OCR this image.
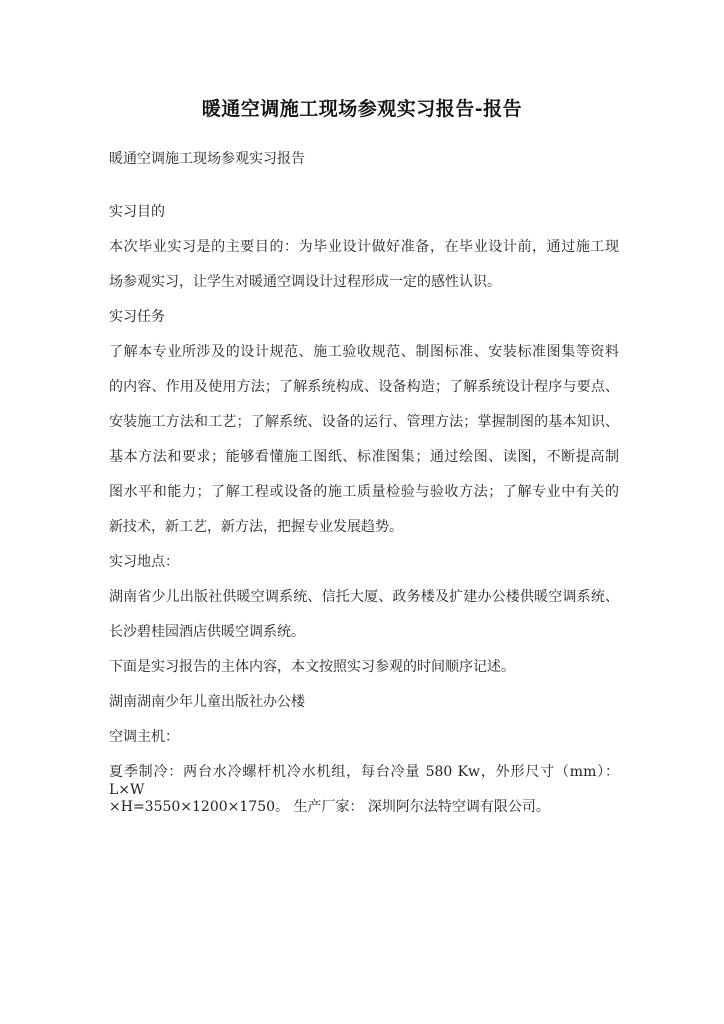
暖通空调施工现场参观实习报告-报告
暖通空调施工现场参观实习报告
实习目的
本次毕业实习是的主要目的：为毕业设计做好准备，在毕业设计前，通过施工现
场参观实习，让学生对暖通空调设计过程形成一定的感性认识。
实习任务
了解本专业所涉及的设计规范、施工验收规范、制图标准、安装标准图集等资料
的内容、作用及使用方法；了解系统构成、设备构造；了解系统设计程序与要点、
安装施工方法和工艺；了解系统、设备的运行、管理方法；掌握制图的基本知识、
基本方法和要求；能够看懂施工图纸、标准图集；通过绘图、读图，不断提高制
图水平和能力；了解工程或设备的施工质量检验与验收方法；了解专业中有关的
新技术，新工艺，新方法，把握专业发展趋势。
实习地点：
湖南省少儿出版社供暖空调系统、信托大厦、政务楼及扩建办公楼供暖空调系统、
长沙碧桂园酒店供暖空调系统。
下面是实习报告的主体内容，本文按照实习参观的时间顺序记述。
湖南湖南少年儿童出版社办公楼
空调主机：
夏季制冷：两台水冷螺杆机冷水机组，每台冷量 580 Kw，外形尺寸（mm）：L×W
×H=3550×1200×1750。 生产厂家： 深圳阿尔法特空调有限公司。
